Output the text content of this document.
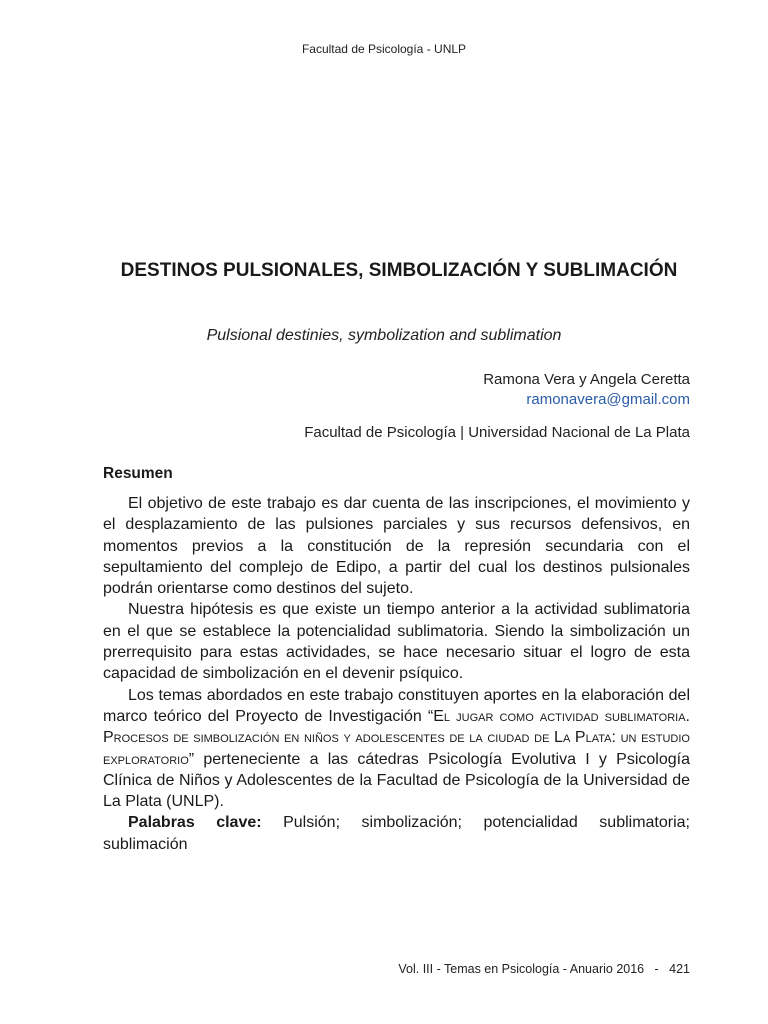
Facultad de Psicología - UNLP
DESTINOS PULSIONALES, SIMBOLIZACIÓN Y SUBLIMACIÓN
Pulsional destinies, symbolization and sublimation
Ramona Vera y Angela Ceretta
ramonavera@gmail.com
Facultad de Psicología | Universidad Nacional de La Plata
Resumen

El objetivo de este trabajo es dar cuenta de las inscripciones, el movimiento y el desplazamiento de las pulsiones parciales y sus recursos defensivos, en momentos previos a la constitución de la represión secundaria con el sepultamiento del complejo de Edipo, a partir del cual los destinos pulsionales podrán orientarse como destinos del sujeto.

Nuestra hipótesis es que existe un tiempo anterior a la actividad sublimatoria en el que se establece la potencialidad sublimatoria. Siendo la simbolización un prerrequisito para estas actividades, se hace necesario situar el logro de esta capacidad de simbolización en el devenir psíquico.

Los temas abordados en este trabajo constituyen aportes en la elaboración del marco teórico del Proyecto de Investigación “El jugar como actividad sublimatoria. Procesos de simbolización en niños y adolescentes de la ciudad de La Plata: un estudio exploratorio” perteneciente a las cátedras Psicología Evolutiva I y Psicología Clínica de Niños y Adolescentes de la Facultad de Psicología de la Universidad de La Plata (UNLP).

Palabras clave: Pulsión; simbolización; potencialidad sublimatoria; sublimación

Vol. III - Temas en Psicología - Anuario 2016 - 421
